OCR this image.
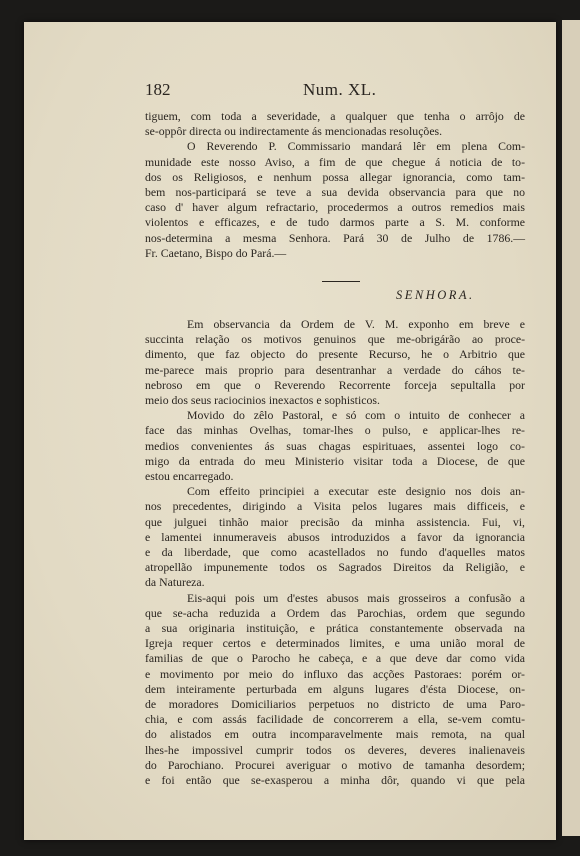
182	Num. XL.
tiguem, com toda a severidade, a qualquer que tenha o arrôjo de
se-oppôr directa ou indirectamente ás mencionadas resoluções.
O Reverendo P. Commissario mandará lêr em plena Com-
munidade este nosso Aviso, a fim de que chegue á noticia de to-
dos os Religiosos, e nenhum possa allegar ignorancia, como tam-
bem nos-participará se teve a sua devida observancia para que no
caso d' haver algum refractario, procedermos a outros remedios mais
violentos e efficazes, e de tudo darmos parte a S. M. conforme
nos-determina a mesma Senhora. Pará 30 de Julho de 1786.—
Fr. Caetano, Bispo do Pará.—
SENHORA.
Em observancia da Ordem de V. M. exponho em breve e
succinta relação os motivos genuinos que me-obrigárão ao proce-
dimento, que faz objecto do presente Recurso, he o Arbitrio que
me-parece mais proprio para desentranhar a verdade do cáhos te-
nebroso em que o Reverendo Recorrente forceja sepultalla por
meio dos seus raciocinios inexactos e sophisticos.
Movido do zêlo Pastoral, e só com o intuito de conhecer a
face das minhas Ovelhas, tomar-lhes o pulso, e applicar-lhes re-
medios convenientes ás suas chagas espirituaes, assentei logo co-
migo da entrada do meu Ministerio visitar toda a Diocese, de que
estou encarregado.
Com effeito principiei a executar este designio nos dois an-
nos precedentes, dirigindo a Visita pelos lugares mais difficeis, e
que julguei tinhão maior precisão da minha assistencia. Fui, vi,
e lamentei innumeraveis abusos introduzidos a favor da ignorancia
e da liberdade, que como acastellados no fundo d'aquelles matos
atropellão impunemente todos os Sagrados Direitos da Religião, e
da Natureza.
Eis-aqui pois um d'estes abusos mais grosseiros a confusão a
que se-acha reduzida a Ordem das Parochias, ordem que segundo
a sua originaria instituição, e prática constantemente observada na
Igreja requer certos e determinados limites, e uma união moral de
familias de que o Parocho he cabeça, e a que deve dar como vida
e movimento por meio do influxo das acções Pastoraes: porém or-
dem inteiramente perturbada em alguns lugares d'ésta Diocese, on-
de moradores Domiciliarios perpetuos no districto de uma Paro-
chia, e com assás facilidade de concorrerem a ella, se-vem comtu-
do alistados em outra incomparavelmente mais remota, na qual
lhes-he impossivel cumprir todos os deveres, deveres inalienaveis
do Parochiano. Procurei averiguar o motivo de tamanha desordem;
e foi então que se-exasperou a minha dôr, quando vi que pela
